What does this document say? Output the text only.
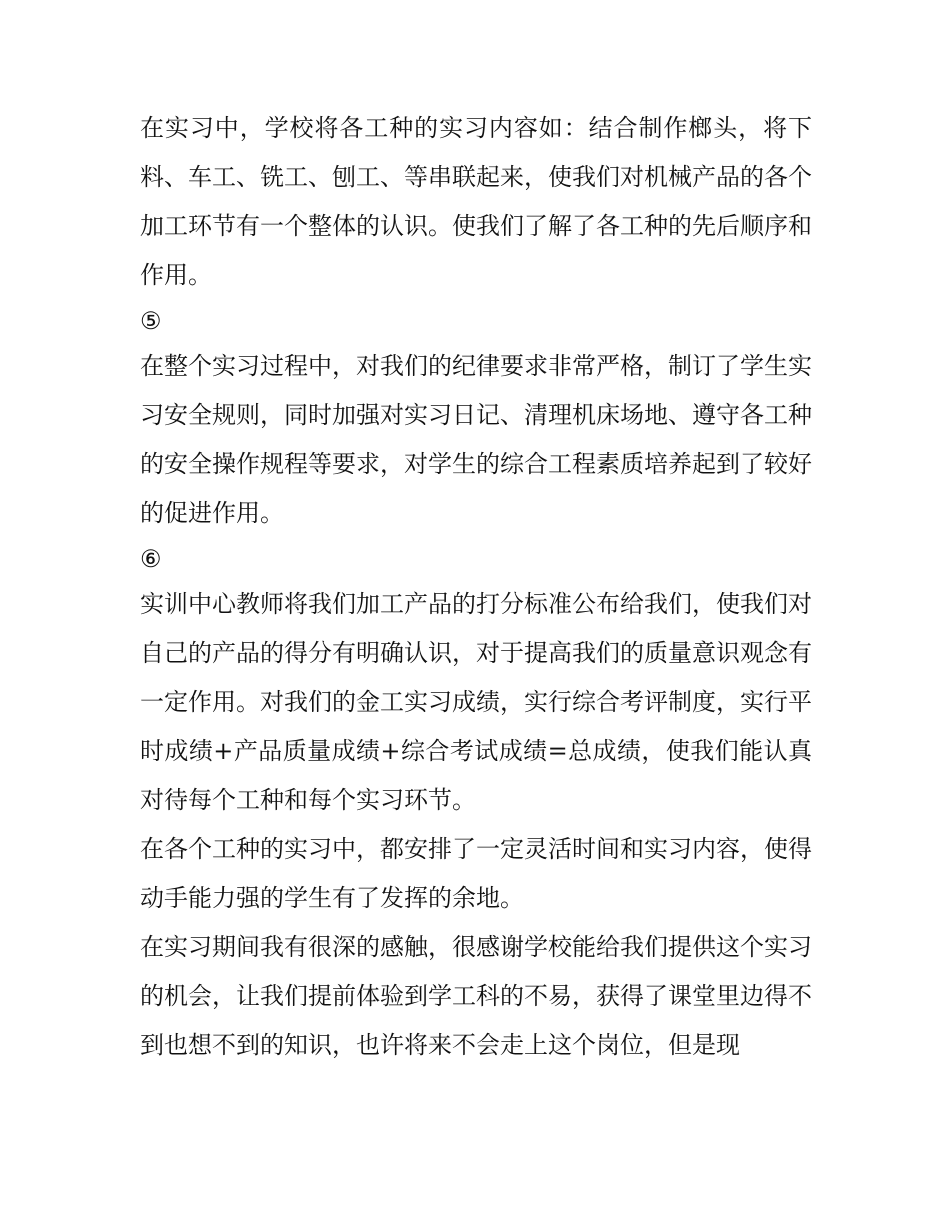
在实习中，学校将各工种的实习内容如：结合制作榔头，将下料、车工、铣工、刨工、等串联起来，使我们对机械产品的各个加工环节有一个整体的认识。使我们了解了各工种的先后顺序和作用。

⑤

在整个实习过程中，对我们的纪律要求非常严格，制订了学生实习安全规则，同时加强对实习日记、清理机床场地、遵守各工种的安全操作规程等要求，对学生的综合工程素质培养起到了较好的促进作用。

⑥

实训中心教师将我们加工产品的打分标准公布给我们，使我们对自己的产品的得分有明确认识，对于提高我们的质量意识观念有一定作用。对我们的金工实习成绩，实行综合考评制度，实行平时成绩+产品质量成绩+综合考试成绩=总成绩，使我们能认真对待每个工种和每个实习环节。

在各个工种的实习中，都安排了一定灵活时间和实习内容，使得动手能力强的学生有了发挥的余地。

在实习期间我有很深的感触，很感谢学校能给我们提供这个实习的机会，让我们提前体验到学工科的不易，获得了课堂里边得不到也想不到的知识，也许将来不会走上这个岗位，但是现
